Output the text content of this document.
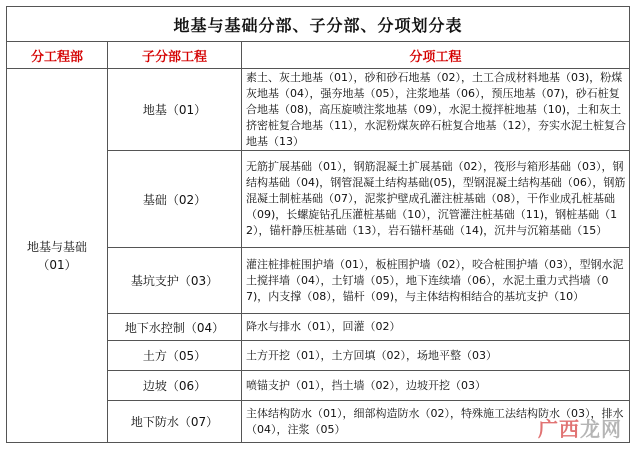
地基与基础分部、子分部、分项划分表		
分工程部	子分部工程	分项工程

地基与基础
（01）	地基（01）	素土、灰土地基（01），砂和砂石地基（02），土工合成材料地基（03)，粉煤灰地基（04），强夯地基（05），注浆地基（06），预压地基（07)，砂石桩复合地基（08)，高压旋喷注浆地基（09），水泥土搅拌桩地基（10)，土和灰土挤密桩复合地基（11），水泥粉煤灰碎石桩复合地基（12），夯实水泥土桩复合地基（13）
	基础（02）	无筋扩展基础（01），钢筋混凝土扩展基础（02），筏形与箱形基础（03），钢结构基础（04)，钢管混凝土结构基础(05)，型钢混凝土结构基础（06），钢筋混凝土制桩基础（07），泥浆护壁成孔灌注桩基础（08），干作业成孔桩基础（09)，长螺旋钻孔压灌桩基础（10），沉管灌注桩基础（11)，钢桩基础（12），锚杆静压桩基础（13），岩石锚杆基础（14)，沉井与沉箱基础（15）
	基坑支护（03）	灌注桩排桩围护墙（01），板桩围护墙（02），咬合桩围护墙（03），型钢水泥土搅拌墙（04），土钉墙（05），地下连续墙（06），水泥土重力式挡墙（07)，内支撑（08），锚杆（09)，与主体结构相结合的基坑支护（10）
	地下水控制（04）	降水与排水（01），回灌（02）
	土方（05）	土方开挖（01），土方回填（02），场地平整（03）
	边坡（06）	喷锚支护（01），挡土墙（02），边坡开挖（03）
	地下防水（07）	主体结构防水（01），细部构造防水（02），特殊施工法结构防水（03），排水（04），注浆（05）	广西龙网
